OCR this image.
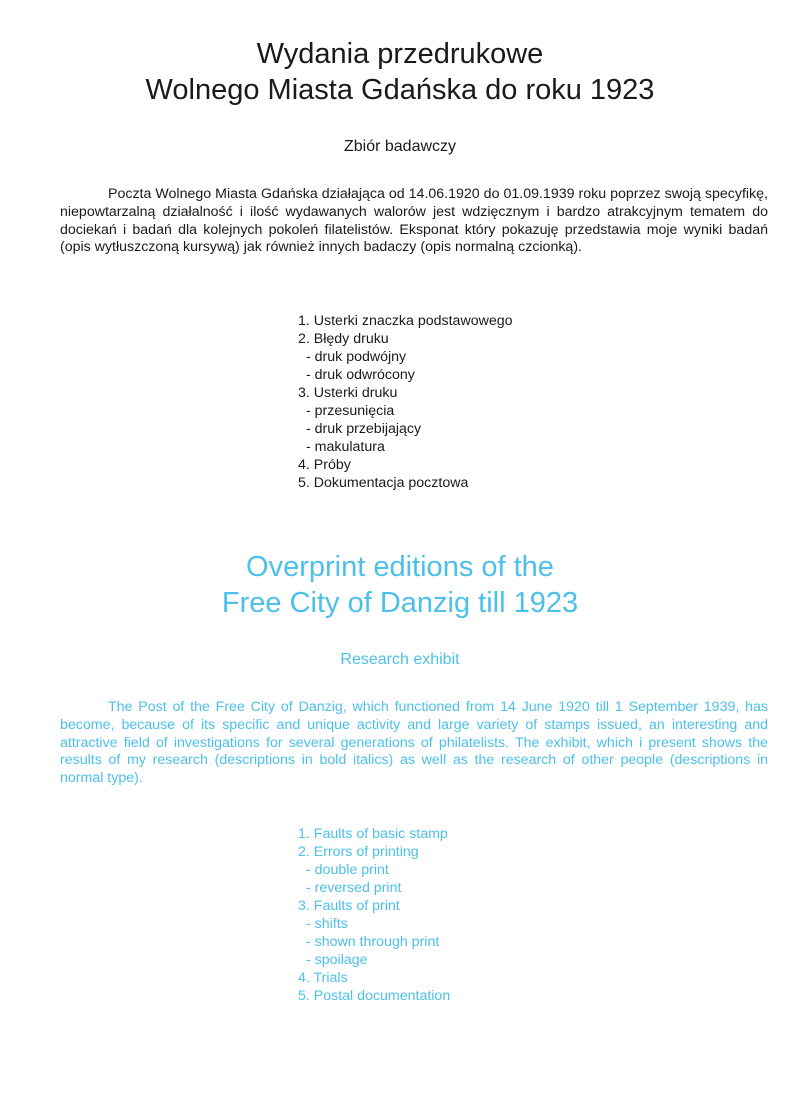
Wydania przedrukowe
Wolnego Miasta Gdańska do roku 1923

Zbiór badawczy

Poczta Wolnego Miasta Gdańska działająca od 14.06.1920 do 01.09.1939 roku poprzez swoją specyfikę, niepowtarzalną działalność i ilość wydawanych walorów jest wdzięcznym i bardzo atrakcyjnym tematem do dociekań i badań dla kolejnych pokoleń filatelistów. Eksponat który pokazuję przedstawia moje wyniki badań (opis wytłuszczoną kursywą) jak również innych badaczy (opis normalną czcionką).

1. Usterki znaczka podstawowego
2. Błędy druku
- druk podwójny
- druk odwrócony
3. Usterki druku
- przesunięcia
- druk przebijający
- makulatura
4. Próby
5. Dokumentacja pocztowa
Overprint editions of the
Free City of Danzig till 1923

Research exhibit

The Post of the Free City of Danzig, which functioned from 14 June 1920 till 1 September 1939, has become, because of its specific and unique activity and large variety of stamps issued, an interesting and attractive field of investigations for several generations of philatelists. The exhibit, which i present shows the results of my research (descriptions in bold italics) as well as the research of other people (descriptions in normal type).

1. Faults of basic stamp
2. Errors of printing
- double print
- reversed print
3. Faults of print
- shifts
- shown through print
- spoilage
4. Trials
5. Postal documentation
